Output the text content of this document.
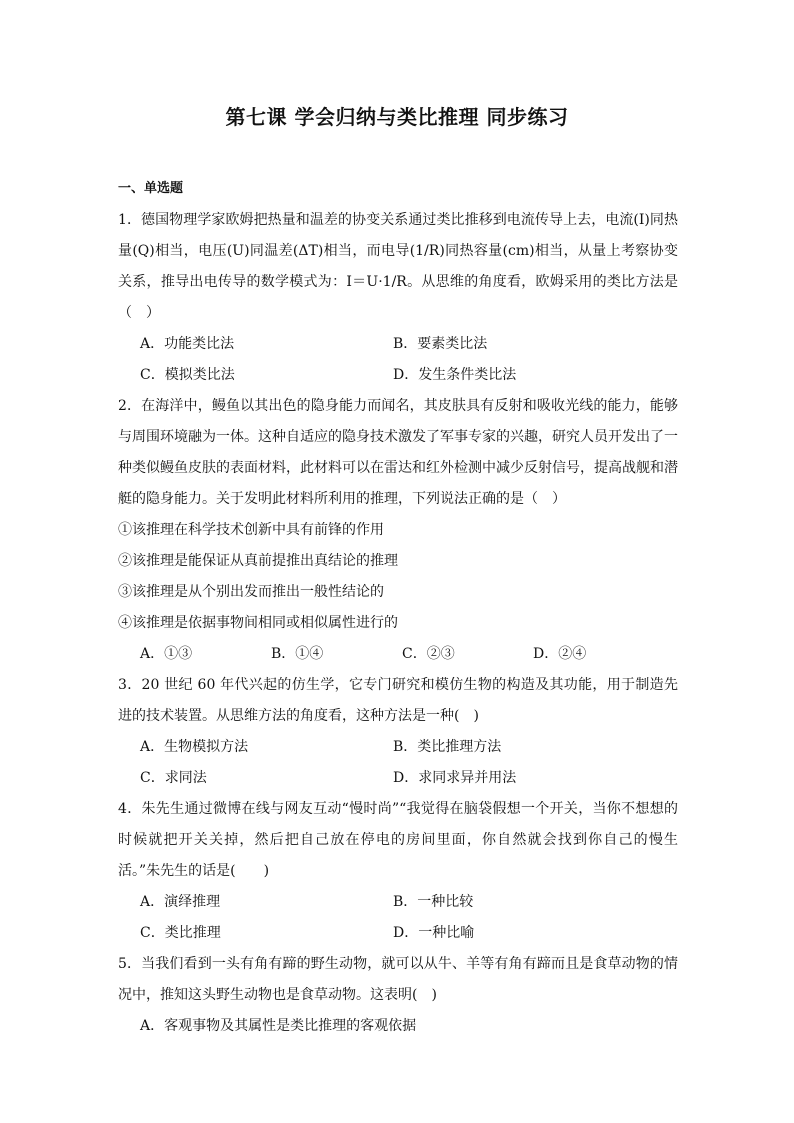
第七课 学会归纳与类比推理 同步练习
一、单选题
1．德国物理学家欧姆把热量和温差的协变关系通过类比推移到电流传导上去，电流(I)同热量(Q)相当，电压(U)同温差(ΔT)相当，而电导(1/R)同热容量(cm)相当，从量上考察协变关系，推导出电传导的数学模式为：I＝U·1/R。从思维的角度看，欧姆采用的类比方法是（　）
A．功能类比法	B．要素类比法
C．模拟类比法	D．发生条件类比法
2．在海洋中，鳗鱼以其出色的隐身能力而闻名，其皮肤具有反射和吸收光线的能力，能够与周围环境融为一体。这种自适应的隐身技术激发了军事专家的兴趣，研究人员开发出了一种类似鳗鱼皮肤的表面材料，此材料可以在雷达和红外检测中减少反射信号，提高战舰和潜艇的隐身能力。关于发明此材料所利用的推理，下列说法正确的是（　）
①该推理在科学技术创新中具有前锋的作用
②该推理是能保证从真前提推出真结论的推理
③该推理是从个别出发而推出一般性结论的
④该推理是依据事物间相同或相似属性进行的
A．①③	B．①④	C．②③	D．②④
3．20 世纪 60 年代兴起的仿生学，它专门研究和模仿生物的构造及其功能，用于制造先进的技术装置。从思维方法的角度看，这种方法是一种(　)
A．生物模拟方法	B．类比推理方法
C．求同法	D．求同求异并用法
4．朱先生通过微博在线与网友互动“慢时尚”“我觉得在脑袋假想一个开关，当你不想想的时候就把开关关掉，然后把自己放在停电的房间里面，你自然就会找到你自己的慢生活。”朱先生的话是(　　)
A．演绎推理	B．一种比较
C．类比推理	D．一种比喻
5．当我们看到一头有角有蹄的野生动物，就可以从牛、羊等有角有蹄而且是食草动物的情况中，推知这头野生动物也是食草动物。这表明(　)
A．客观事物及其属性是类比推理的客观依据
